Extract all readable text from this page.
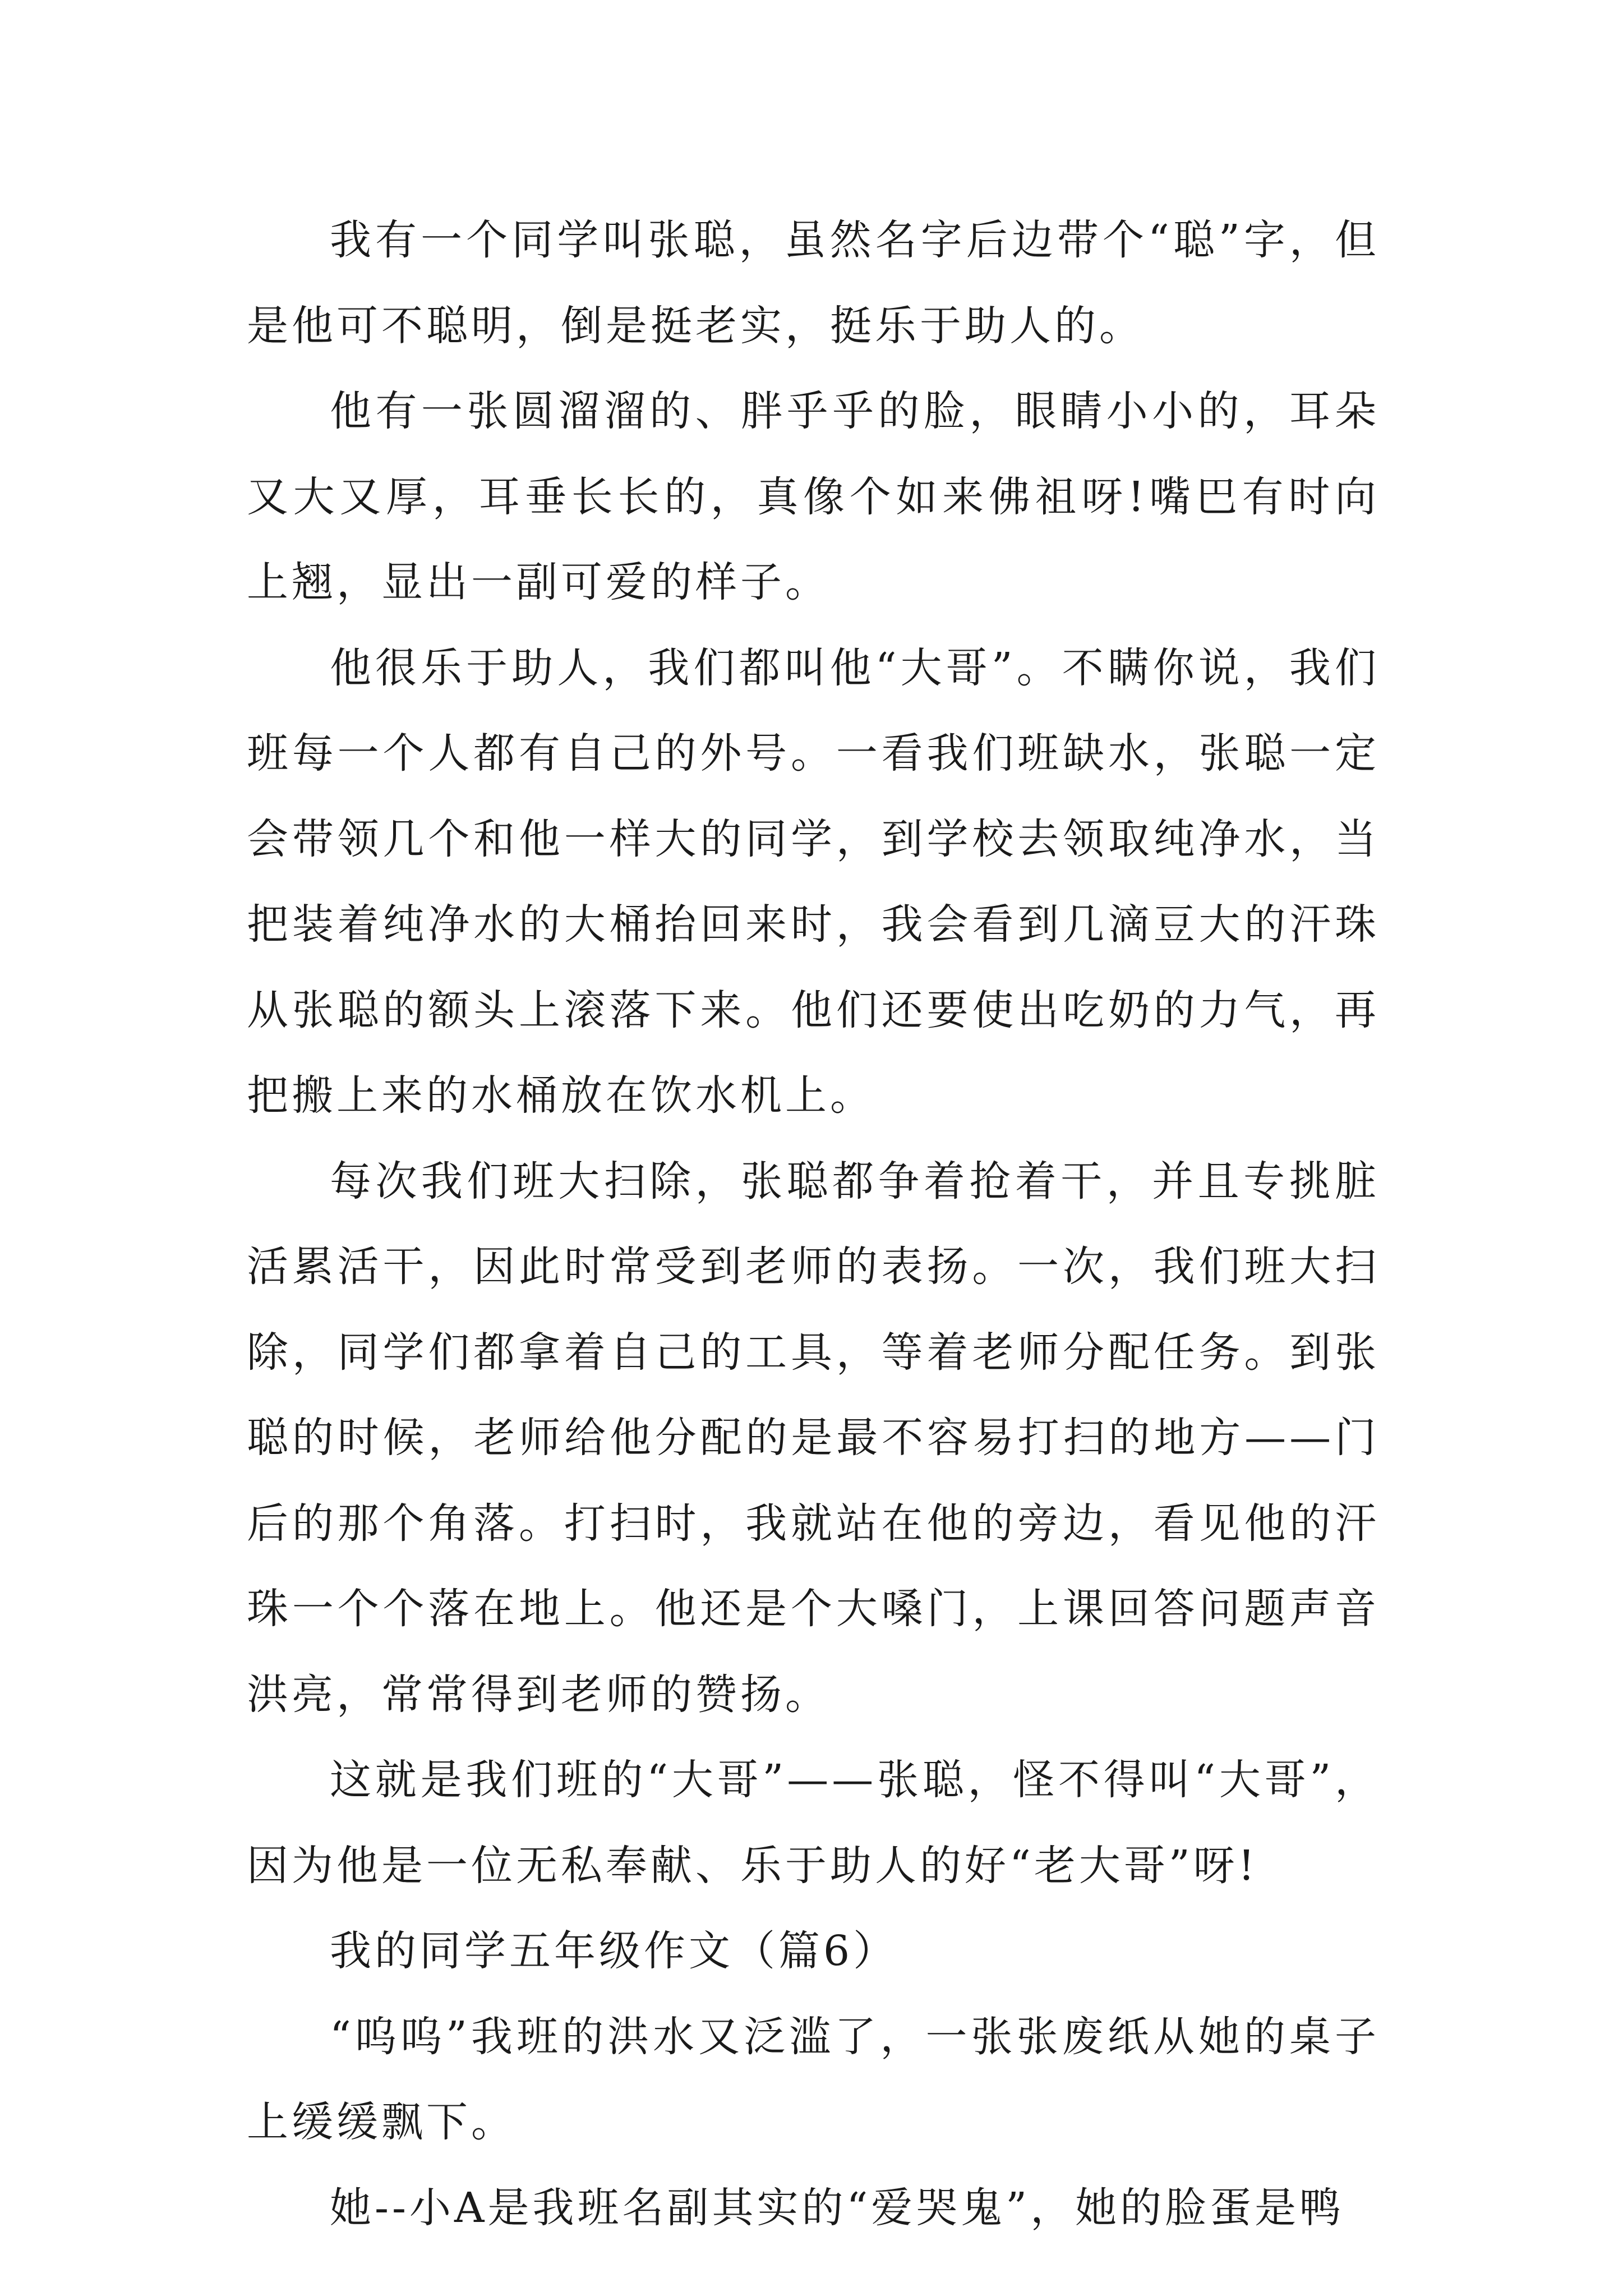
我有一个同学叫张聪，虽然名字后边带个“聪”字，但是他可不聪明，倒是挺老实，挺乐于助人的。

他有一张圆溜溜的、胖乎乎的脸，眼睛小小的，耳朵又大又厚，耳垂长长的，真像个如来佛祖呀!嘴巴有时向上翘，显出一副可爱的样子。

他很乐于助人，我们都叫他“大哥”。不瞒你说，我们班每一个人都有自己的外号。一看我们班缺水，张聪一定会带领几个和他一样大的同学，到学校去领取纯净水，当把装着纯净水的大桶抬回来时，我会看到几滴豆大的汗珠从张聪的额头上滚落下来。他们还要使出吃奶的力气，再把搬上来的水桶放在饮水机上。

每次我们班大扫除，张聪都争着抢着干，并且专挑脏活累活干，因此时常受到老师的表扬。一次，我们班大扫除，同学们都拿着自己的工具，等着老师分配任务。到张聪的时候，老师给他分配的是最不容易打扫的地方——门后的那个角落。打扫时，我就站在他的旁边，看见他的汗珠一个个落在地上。他还是个大嗓门，上课回答问题声音洪亮，常常得到老师的赞扬。

这就是我们班的“大哥”——张聪，怪不得叫“大哥”，因为他是一位无私奉献、乐于助人的好“老大哥”呀!

我的同学五年级作文（篇6）

“呜呜”我班的洪水又泛滥了，一张张废纸从她的桌子上缓缓飘下。

她--小A是我班名副其实的“爱哭鬼”，她的脸蛋是鸭
